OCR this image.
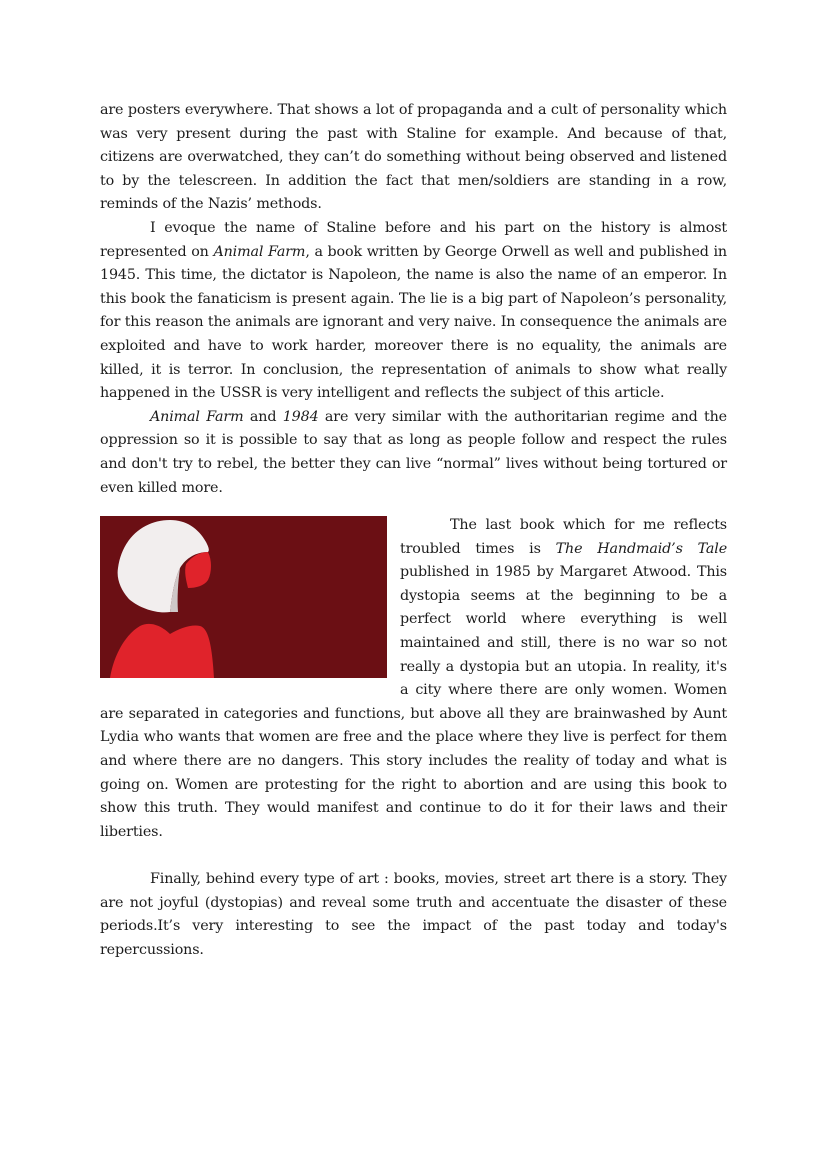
are posters everywhere. That shows a lot of propaganda and a cult of personality which was very present during the past with Staline for example. And because of that, citizens are overwatched, they can’t do something without being observed and listened to by the telescreen. In addition the fact that men/soldiers are standing in a row, reminds of the Nazis’ methods.

I evoque the name of Staline before and his part on the history is almost represented on Animal Farm, a book written by George Orwell as well and published in 1945. This time, the dictator is Napoleon, the name is also the name of an emperor. In this book the fanaticism is present again. The lie is a big part of Napoleon’s personality, for this reason the animals are ignorant and very naive. In consequence the animals are exploited and have to work harder, moreover there is no equality, the animals are killed, it is terror. In conclusion, the representation of animals to show what really happened in the USSR is very intelligent and reflects the subject of this article.

Animal Farm and 1984 are very similar with the authoritarian regime and the oppression so it is possible to say that as long as people follow and respect the rules and don't try to rebel, the better they can live “normal” lives without being tortured or even killed more.

The last book which for me reflects troubled times is The Handmaid’s Tale published in 1985 by Margaret Atwood. This dystopia seems at the beginning to be a perfect world where everything is well maintained and still, there is no war so not really a dystopia but an utopia. In reality, it's a city where there are only women. Women are separated in categories and functions, but above all they are brainwashed by Aunt Lydia who wants that women are free and the place where they live is perfect for them and where there are no dangers. This story includes the reality of today and what is going on. Women are protesting for the right to abortion and are using this book to show this truth. They would manifest and continue to do it for their laws and their liberties.

Finally, behind every type of art : books, movies, street art there is a story. They are not joyful (dystopias) and reveal some truth and accentuate the disaster of these periods.It’s very interesting to see the impact of the past today and today's repercussions.
